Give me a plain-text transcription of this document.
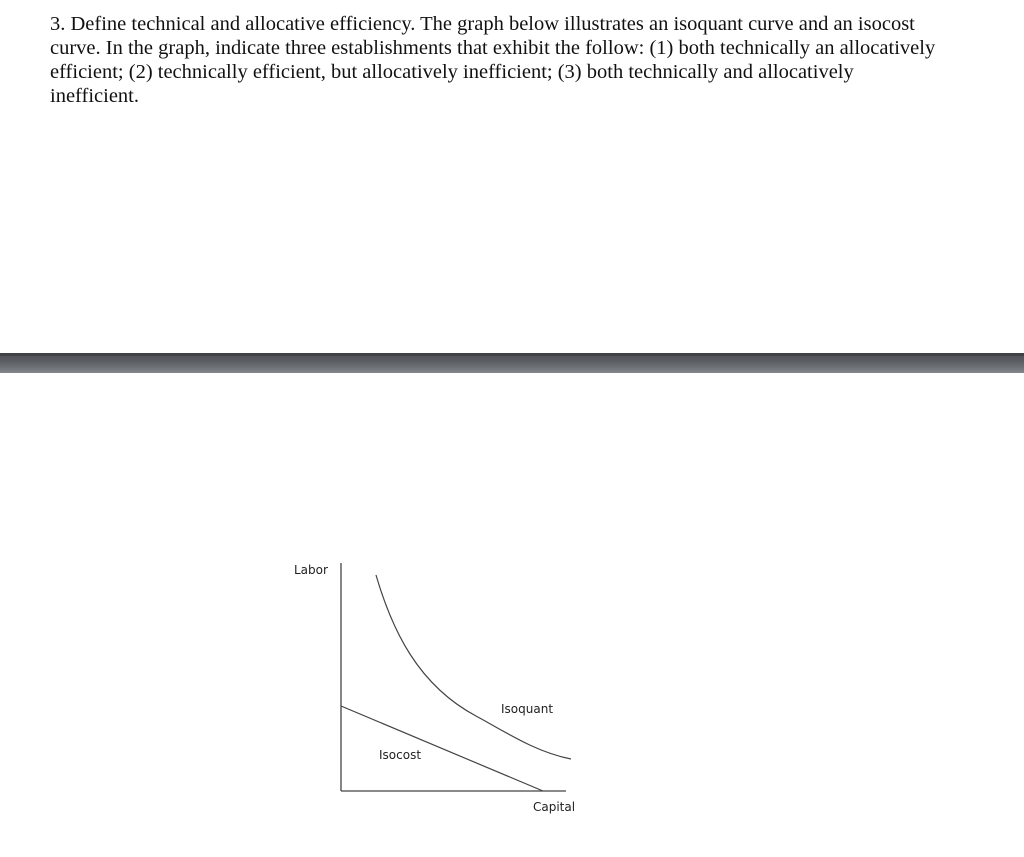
3. Define technical and allocative efficiency. The graph below illustrates an isoquant curve and an isocost curve. In the graph, indicate three establishments that exhibit the follow: (1) both technically an allocatively efficient; (2) technically efficient, but allocatively inefficient; (3) both technically and allocatively inefficient.

Labor
Capital
Isoquant
Isocost
